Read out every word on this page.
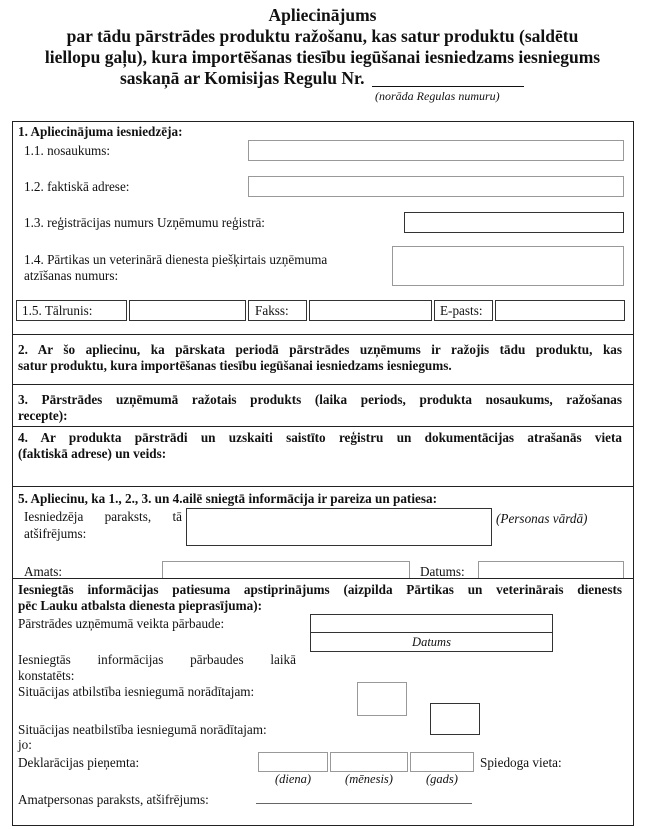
Apliecinājums
par tādu pārstrādes produktu ražošanu, kas satur produktu (saldētu
liellopu gaļu), kura importēšanas tiesību iegūšanai iesniedzams iesniegums
saskaņā ar Komisijas Regulu Nr.
(norāda Regulas numuru)
1. Apliecinājuma iesniedzēja:
1.1. nosaukums:
1.2. faktiskā adrese:
1.3. reģistrācijas numurs Uzņēmumu reģistrā:
1.4. Pārtikas un veterinārā dienesta piešķirtais uzņēmuma
atzīšanas numurs:
1.5. Tālrunis:	Fakss:	E-pasts:
2. Ar šo apliecinu, ka pārskata periodā pārstrādes uzņēmums ir ražojis tādu produktu, kas
satur produktu, kura importēšanas tiesību iegūšanai iesniedzams iesniegums.
3. Pārstrādes uzņēmumā ražotais produkts (laika periods, produkta nosaukums, ražošanas
recepte):
4. Ar produkta pārstrādi un uzskaiti saistīto reģistru un dokumentācijas atrašanās vieta
(faktiskā adrese) un veids:
5. Apliecinu, ka 1., 2., 3. un 4.ailē sniegtā informācija ir pareiza un patiesa:
Iesniedzēja paraksts, tā
atšifrējums:
(Personas vārdā)
Amats:	Datums:
Iesniegtās informācijas patiesuma apstiprinājums (aizpilda Pārtikas un veterinārais dienests
pēc Lauku atbalsta dienesta pieprasījuma):
Pārstrādes uzņēmumā veikta pārbaude:
Datums
Iesniegtās informācijas pārbaudes laikā
konstatēts:
Situācijas atbilstība iesniegumā norādītajam:
Situācijas neatbilstība iesniegumā norādītajam:
jo:
Deklarācijas pieņemta:	Spiedoga vieta:
(diena)	(mēnesis)	(gads)
Amatpersonas paraksts, atšifrējums:
